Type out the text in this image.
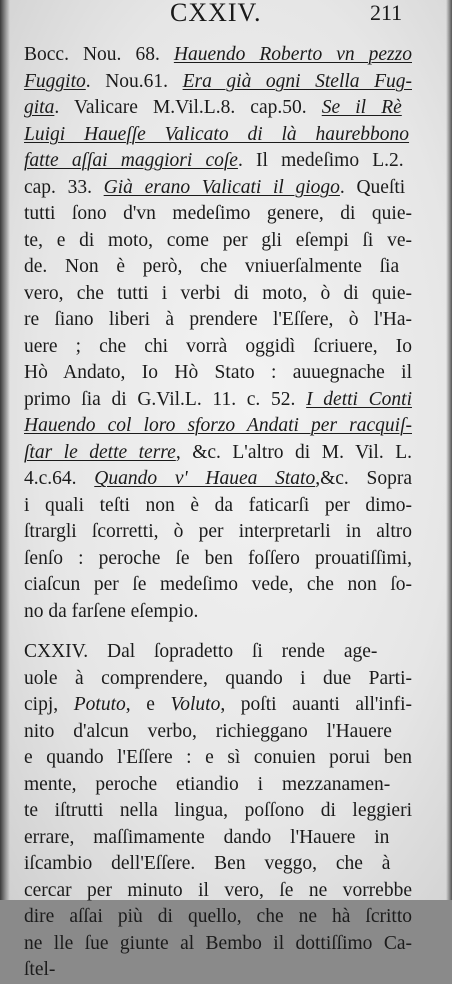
CXXIV.	211
Bocc. Nou. 68. Hauendo Roberto vn pezzo
Fuggito. Nou.61. Era già ogni Stella Fug-
gita. Valicare M.Vil.L.8. cap.50. Se il Rè
Luigi Haueſſe Valicato di là haurebbono
fatte aſſai maggiori coſe. Il medeſimo L.2.
cap. 33. Già erano Valicati il giogo. Queſti
tutti ſono d'vn medeſimo genere, di quie-
te, e di moto, come per gli eſempi ſi ve-
de. Non è però, che vniuerſalmente ſia
vero, che tutti i verbi di moto, ò di quie-
re ſiano liberi à prendere l'Eſſere, ò l'Ha-
uere ; che chi vorrà oggidì ſcriuere, Io
Hò Andato, Io Hò Stato : auuegnache il
primo ſia di G.Vil.L. 11. c. 52. I detti Conti
Hauendo col loro sforzo Andati per racquiſ-
ſtar le dette terre, &c. L'altro di M. Vil. L.
4.c.64. Quando v' Hauea Stato,&c. Sopra
i quali teſti non è da faticarſi per dimo-
ſtrargli ſcorretti, ò per interpretarli in altro
ſenſo : peroche ſe ben foſſero prouatiſſimi,
ciaſcun per ſe medeſimo vede, che non ſo-
no da farſene eſempio.
CXXIV. Dal ſopradetto ſi rende age-
uole à comprendere, quando i due Parti-
cipj, Potuto, e Voluto, poſti auanti all'infi-
nito d'alcun verbo, richieggano l'Hauere
e quando l'Eſſere : e sì conuien porui ben
mente, peroche etiandio i mezzanamen-
te iſtrutti nella lingua, poſſono di leggieri
errare, maſſimamente dando l'Hauere in
iſcambio dell'Eſſere. Ben veggo, che à
cercar per minuto il vero, ſe ne vorrebbe
dire aſſai più di quello, che ne hà ſcritto
ne lle ſue giunte al Bembo il dottiſſimo Ca-
ſtel-
